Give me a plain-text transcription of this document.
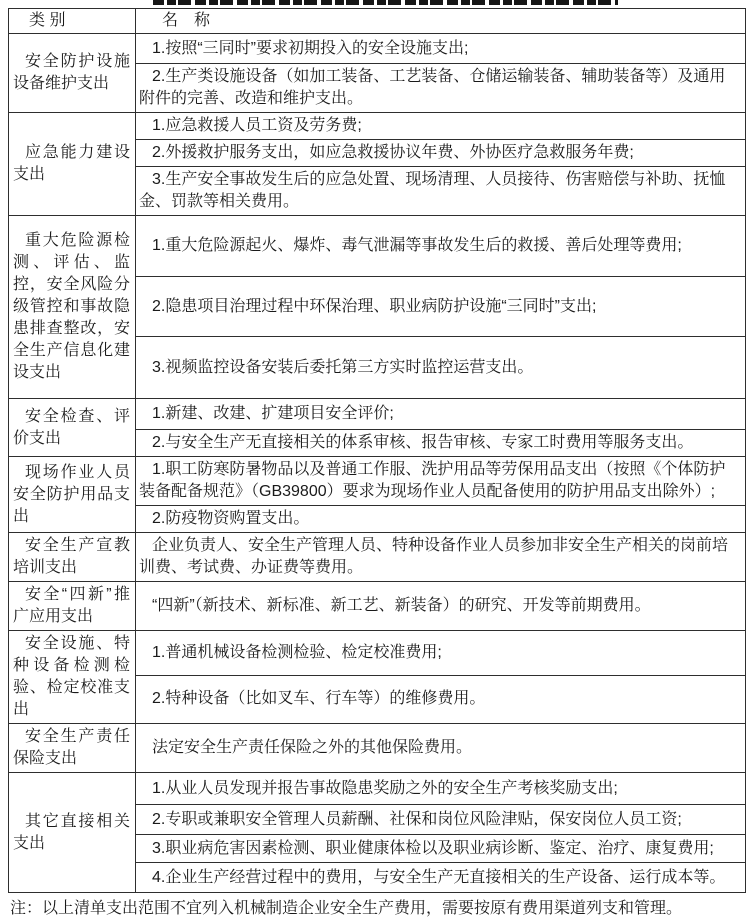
类 别	名　称
安全防护设施设备维护支出	1.按照“三同时”要求初期投入的安全设施支出;
	2.生产类设施设备（如加工装备、工艺装备、仓储运输装备、辅助装备等）及通用附件的完善、改造和维护支出。
应急能力建设支出	1.应急救援人员工资及劳务费;
	2.外援救护服务支出，如应急救援协议年费、外协医疗急救服务年费;
	3.生产安全事故发生后的应急处置、现场清理、人员接待、伤害赔偿与补助、抚恤金、罚款等相关费用。
重大危险源检测、评估、监控，安全风险分级管控和事故隐患排查整改，安全生产信息化建设支出	1.重大危险源起火、爆炸、毒气泄漏等事故发生后的救援、善后处理等费用;
	2.隐患项目治理过程中环保治理、职业病防护设施“三同时”支出;
	3.视频监控设备安装后委托第三方实时监控运营支出。
安全检查、评价支出	1.新建、改建、扩建项目安全评价;
	2.与安全生产无直接相关的体系审核、报告审核、专家工时费用等服务支出。
现场作业人员安全防护用品支出	1.职工防寒防暑物品以及普通工作服、洗护用品等劳保用品支出（按照《个体防护装备配备规范》（GB39800）要求为现场作业人员配备使用的防护用品支出除外）;
	2.防疫物资购置支出。
安全生产宣教培训支出	企业负责人、安全生产管理人员、特种设备作业人员参加非安全生产相关的岗前培训费、考试费、办证费等费用。
安全“四新”推广应用支出	“四新”（新技术、新标准、新工艺、新装备）的研究、开发等前期费用。
安全设施、特种设备检测检验、检定校准支出	1.普通机械设备检测检验、检定校准费用;
	2.特种设备（比如叉车、行车等）的维修费用。
安全生产责任保险支出	法定安全生产责任保险之外的其他保险费用。
其它直接相关支出	1.从业人员发现并报告事故隐患奖励之外的安全生产考核奖励支出;
	2.专职或兼职安全管理人员薪酬、社保和岗位风险津贴，保安岗位人员工资;
	3.职业病危害因素检测、职业健康体检以及职业病诊断、鉴定、治疗、康复费用;
	4.企业生产经营过程中的费用，与安全生产无直接相关的生产设备、运行成本等。

注：以上清单支出范围不宜列入机械制造企业安全生产费用，需要按原有费用渠道列支和管理。
